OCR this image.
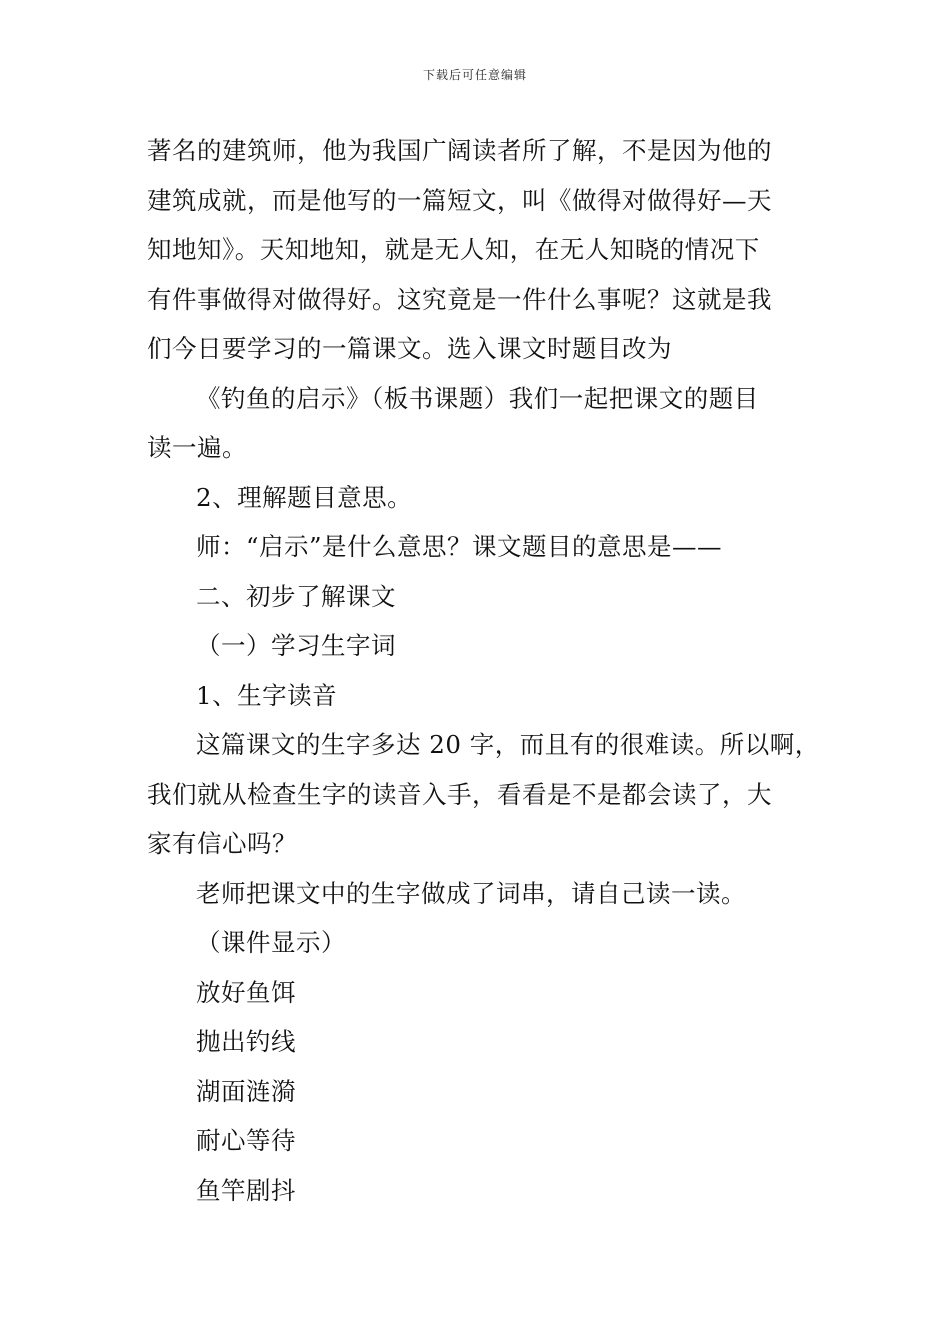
下载后可任意编辑
著名的建筑师，他为我国广阔读者所了解，不是因为他的
建筑成就，而是他写的一篇短文，叫《做得对做得好—天
知地知》。天知地知，就是无人知，在无人知晓的情况下
有件事做得对做得好。这究竟是一件什么事呢？这就是我
们今日要学习的一篇课文。选入课文时题目改为
《钓鱼的启示》（板书课题）我们一起把课文的题目
读一遍。
2、理解题目意思。
师：“启示”是什么意思？课文题目的意思是——
二、初步了解课文
（一）学习生字词
1、生字读音
这篇课文的生字多达 20 字，而且有的很难读。所以啊，
我们就从检查生字的读音入手，看看是不是都会读了，大
家有信心吗？
老师把课文中的生字做成了词串，请自己读一读。
（课件显示）
放好鱼饵
抛出钓线
湖面涟漪
耐心等待
鱼竿剧抖
